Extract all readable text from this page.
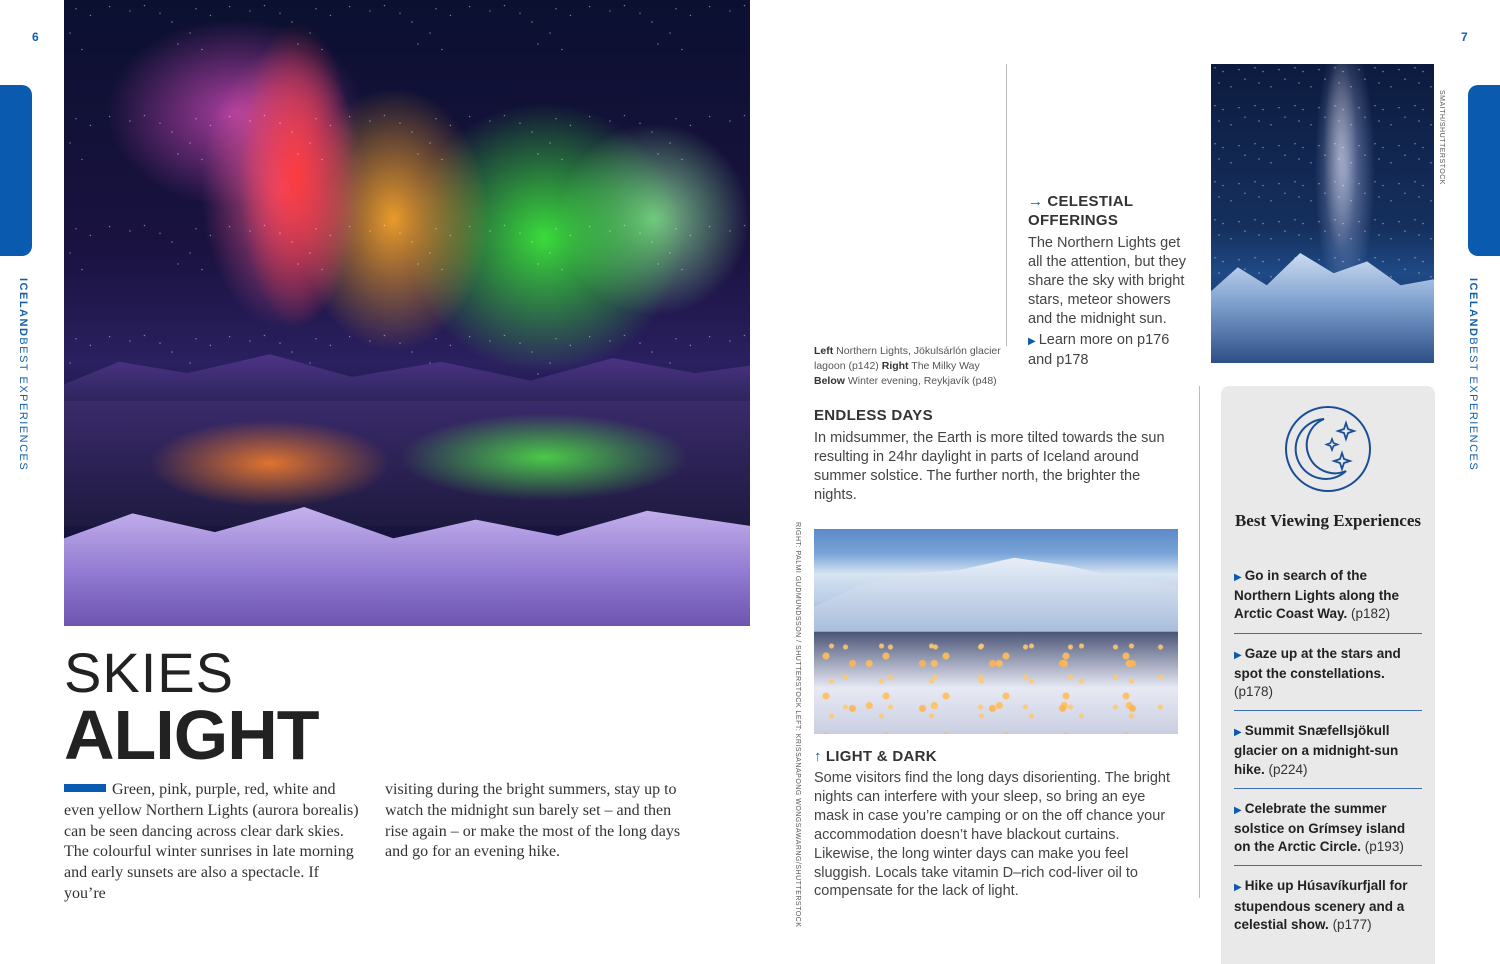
6
ICELANDBEST EXPERIENCES
SKIES
ALIGHT
Green, pink, purple, red, white and even yellow Northern Lights (aurora borealis) can be seen dancing across clear dark skies. The colourful winter sunrises in late morning and early sunsets are also a spectacle. If you’re
visiting during the bright summers, stay up to watch the midnight sun barely set – and then rise again – or make the most of the long days and go for an evening hike.
7
ICELANDBEST EXPERIENCES
→ CELESTIAL OFFERINGS
The Northern Lights get all the attention, but they share the sky with bright stars, meteor showers and the midnight sun.
▶ Learn more on p176 and p178
Left Northern Lights, Jökulsárlón glacier lagoon (p142) Right The Milky Way
Below Winter evening, Reykjavík (p48)
ENDLESS DAYS
In midsummer, the Earth is more tilted towards the sun resulting in 24hr daylight in parts of Iceland around summer solstice. The further north, the brighter the nights.
RIGHT: PALMI GUDMUNDSSON / SHUTTERSTOCK LEFT: KRISSANAPONG WONGSAWARNG/SHUTTERSTOCK ↑ LIGHT & DARK
Some visitors find the long days disorienting. The bright nights can interfere with your sleep, so bring an eye mask in case you’re camping or on the off chance your accommodation doesn’t have blackout curtains. Likewise, the long winter days can make you feel sluggish. Locals take vitamin D–rich cod-liver oil to compensate for the lack of light.
SMAITH/SHUTTERSTOCK
Best Viewing Experiences
▶ Go in search of the Northern Lights along the Arctic Coast Way. (p182)
▶ Gaze up at the stars and spot the constellations. (p178)
▶ Summit Snæfellsjökull glacier on a midnight-sun hike. (p224)
▶ Celebrate the summer solstice on Grímsey island on the Arctic Circle. (p193)
▶ Hike up Húsavíkurfjall for stupendous scenery and a celestial show. (p177)
